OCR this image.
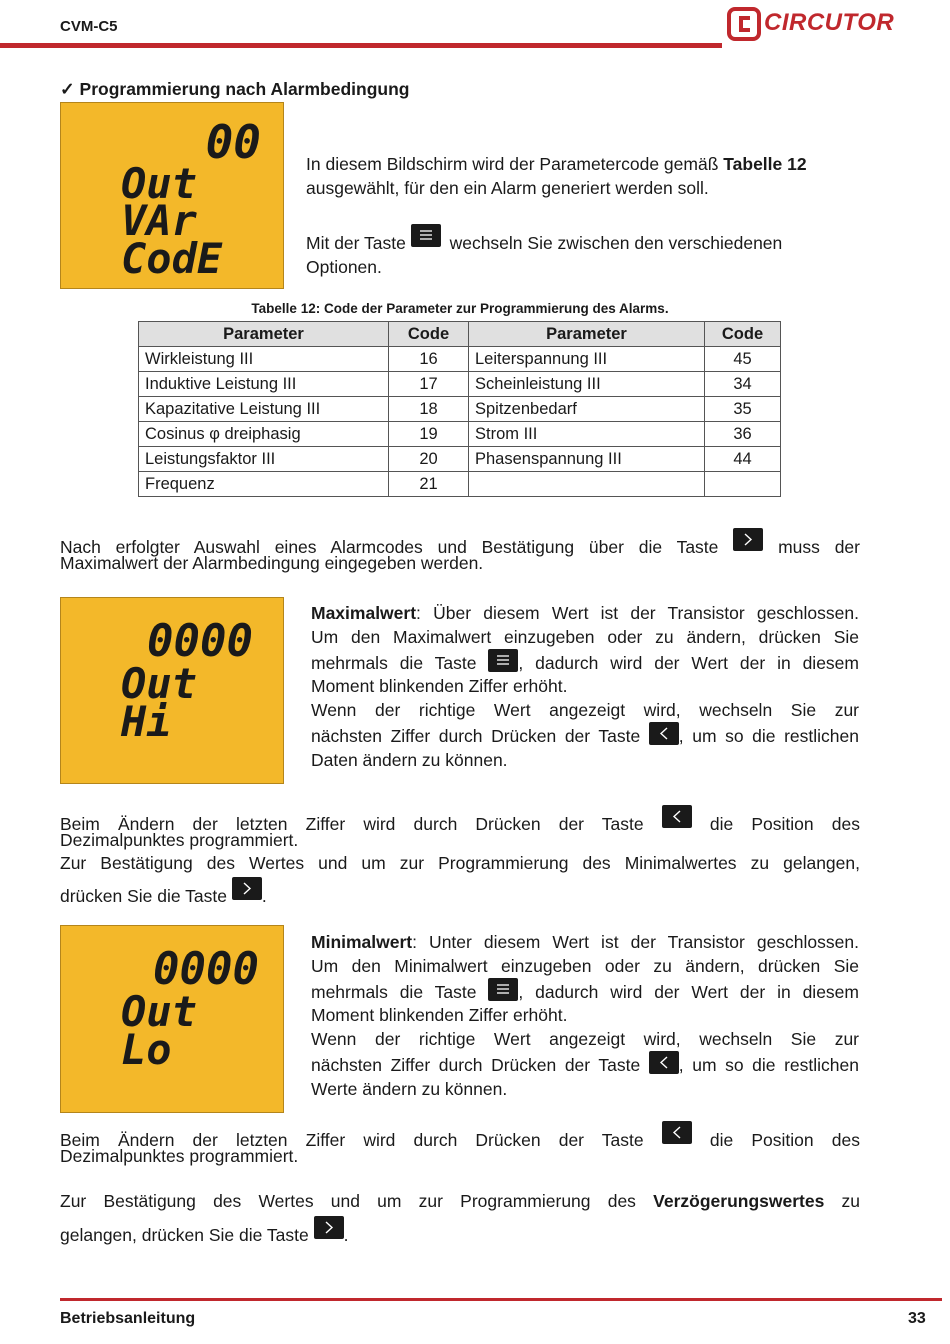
CVM-C5	CIRCUTOR
✓ Programmierung nach Alarmbedingung
00
Out
VAr
CodE
In diesem Bildschirm wird der Parametercode gemäß Tabelle 12 ausgewählt, für den ein Alarm generiert werden soll.
Mit der Taste
wechseln Sie zwischen den verschiedenen Optionen.
Tabelle 12: Code der Parameter zur Programmierung des Alarms.
Parameter	Code	Parameter	Code
Wirkleistung III	16	Leiterspannung III	45
Induktive Leistung III	17	Scheinleistung III	34
Kapazitative Leistung III	18	Spitzenbedarf	35
Cosinus φ dreiphasig	19	Strom III	36
Leistungsfaktor III	20	Phasenspannung III	44
Frequenz	21		
Nach erfolgter Auswahl eines Alarmcodes und Bestätigung über die Taste	muss der
Maximalwert der Alarmbedingung eingegeben werden.
0000
Out
Hi
Maximalwert: Über diesem Wert ist der Transistor geschlossen.
Um den Maximalwert einzugeben oder zu ändern, drücken Sie
mehrmals die Taste , dadurch wird der Wert der in diesem
Moment blinkenden Ziffer erhöht.
Wenn der richtige Wert angezeigt wird, wechseln Sie zur
nächsten Ziffer durch Drücken der Taste , um so die restlichen
Daten ändern zu können.
Beim Ändern der letzten Ziffer wird durch Drücken der Taste	die Position des
Dezimalpunktes programmiert.
Zur Bestätigung des Wertes und um zur Programmierung des Minimalwertes zu gelangen,
drücken Sie die Taste .
0000
Out
Lo
Minimalwert: Unter diesem Wert ist der Transistor geschlossen.
Um den Minimalwert einzugeben oder zu ändern, drücken Sie
mehrmals die Taste , dadurch wird der Wert der in diesem
Moment blinkenden Ziffer erhöht.
Wenn der richtige Wert angezeigt wird, wechseln Sie zur
nächsten Ziffer durch Drücken der Taste , um so die restlichen
Werte ändern zu können.
Beim Ändern der letzten Ziffer wird durch Drücken der Taste	die Position des
Dezimalpunktes programmiert.
Zur Bestätigung des Wertes und um zur Programmierung des Verzögerungswertes zu
gelangen, drücken Sie die Taste .
Betriebsanleitung	33
